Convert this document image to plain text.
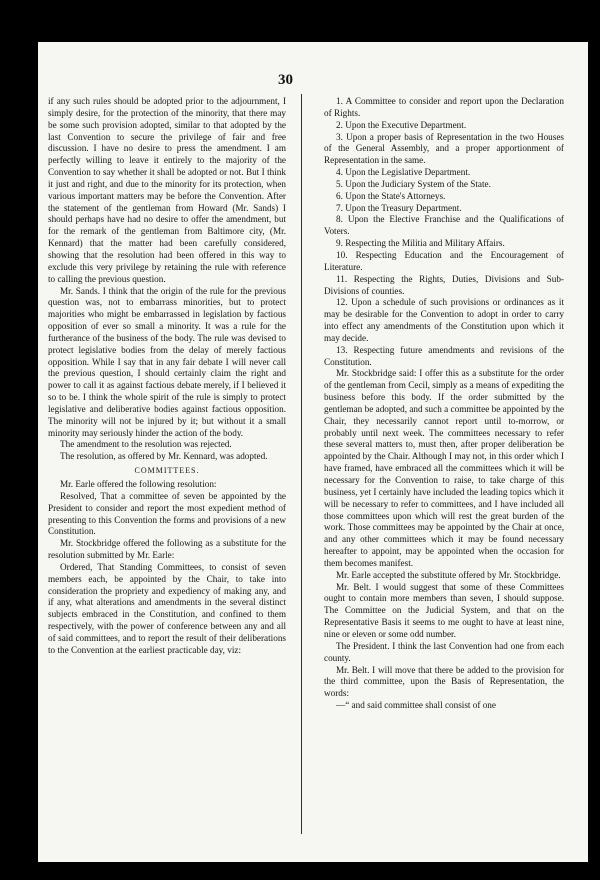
30

if any such rules should be adopted prior to the adjournment, I simply desire, for the protection of the minority, that there may be some such provision adopted, similar to that adopted by the last Convention to secure the privilege of fair and free discussion. I have no desire to press the amendment. I am perfectly willing to leave it entirely to the majority of the Convention to say whether it shall be adopted or not. But I think it just and right, and due to the minority for its protection, when various important matters may be before the Convention. After the statement of the gentleman from Howard (Mr. Sands) I should perhaps have had no desire to offer the amendment, but for the remark of the gentleman from Baltimore city, (Mr. Kennard) that the matter had been carefully considered, showing that the resolution had been offered in this way to exclude this very privilege by retaining the rule with reference to calling the previous question.

Mr. Sands. I think that the origin of the rule for the previous question was, not to embarrass minorities, but to protect majorities who might be embarrassed in legislation by factious opposition of ever so small a minority. It was a rule for the furtherance of the business of the body. The rule was devised to protect legislative bodies from the delay of merely factious opposition. While I say that in any fair debate I will never call the previous question, I should certainly claim the right and power to call it as against factious debate merely, if I believed it so to be. I think the whole spirit of the rule is simply to protect legislative and deliberative bodies against factious opposition. The minority will not be injured by it; but without it a small minority may seriously hinder the action of the body.

The amendment to the resolution was rejected.

The resolution, as offered by Mr. Kennard, was adopted.

COMMITTEES.

Mr. Earle offered the following resolution:

Resolved, That a committee of seven be appointed by the President to consider and report the most expedient method of presenting to this Convention the forms and provisions of a new Constitution.

Mr. Stockbridge offered the following as a substitute for the resolution submitted by Mr. Earle:

Ordered, That Standing Committees, to consist of seven members each, be appointed by the Chair, to take into consideration the propriety and expediency of making any, and if any, what alterations and amendments in the several distinct subjects embraced in the Constitution, and confined to them respectively, with the power of conference between any and all of said committees, and to report the result of their deliberations to the Convention at the earliest practicable day, viz:

1. A Committee to consider and report upon the Declaration of Rights.

2. Upon the Executive Department.

3. Upon a proper basis of Representation in the two Houses of the General Assembly, and a proper apportionment of Representation in the same.

4. Upon the Legislative Department.

5. Upon the Judiciary System of the State.

6. Upon the State's Attorneys.

7. Upon the Treasury Department.

8. Upon the Elective Franchise and the Qualifications of Voters.

9. Respecting the Militia and Military Affairs.

10. Respecting Education and the Encouragement of Literature.

11. Respecting the Rights, Duties, Divisions and Sub-Divisions of counties.

12. Upon a schedule of such provisions or ordinances as it may be desirable for the Convention to adopt in order to carry into effect any amendments of the Constitution upon which it may decide.

13. Respecting future amendments and revisions of the Constitution.

Mr. Stockbridge said: I offer this as a substitute for the order of the gentleman from Cecil, simply as a means of expediting the business before this body. If the order submitted by the gentleman be adopted, and such a committee be appointed by the Chair, they necessarily cannot report until to-morrow, or probably until next week. The committees necessary to refer these several matters to, must then, after proper deliberation be appointed by the Chair. Although I may not, in this order which I have framed, have embraced all the committees which it will be necessary for the Convention to raise, to take charge of this business, yet I certainly have included the leading topics which it will be necessary to refer to committees, and I have included all those committees upon which will rest the great burden of the work. Those committees may be appointed by the Chair at once, and any other committees which it may be found necessary hereafter to appoint, may be appointed when the occasion for them becomes manifest.

Mr. Earle accepted the substitute offered by Mr. Stockbridge.

Mr. Belt. I would suggest that some of these Committees ought to contain more members than seven, I should suppose. The Committee on the Judicial System, and that on the Representative Basis it seems to me ought to have at least nine, nine or eleven or some odd number.

The President. I think the last Convention had one from each county.

Mr. Belt. I will move that there be added to the provision for the third committee, upon the Basis of Representation, the words:

—“ and said committee shall consist of one
